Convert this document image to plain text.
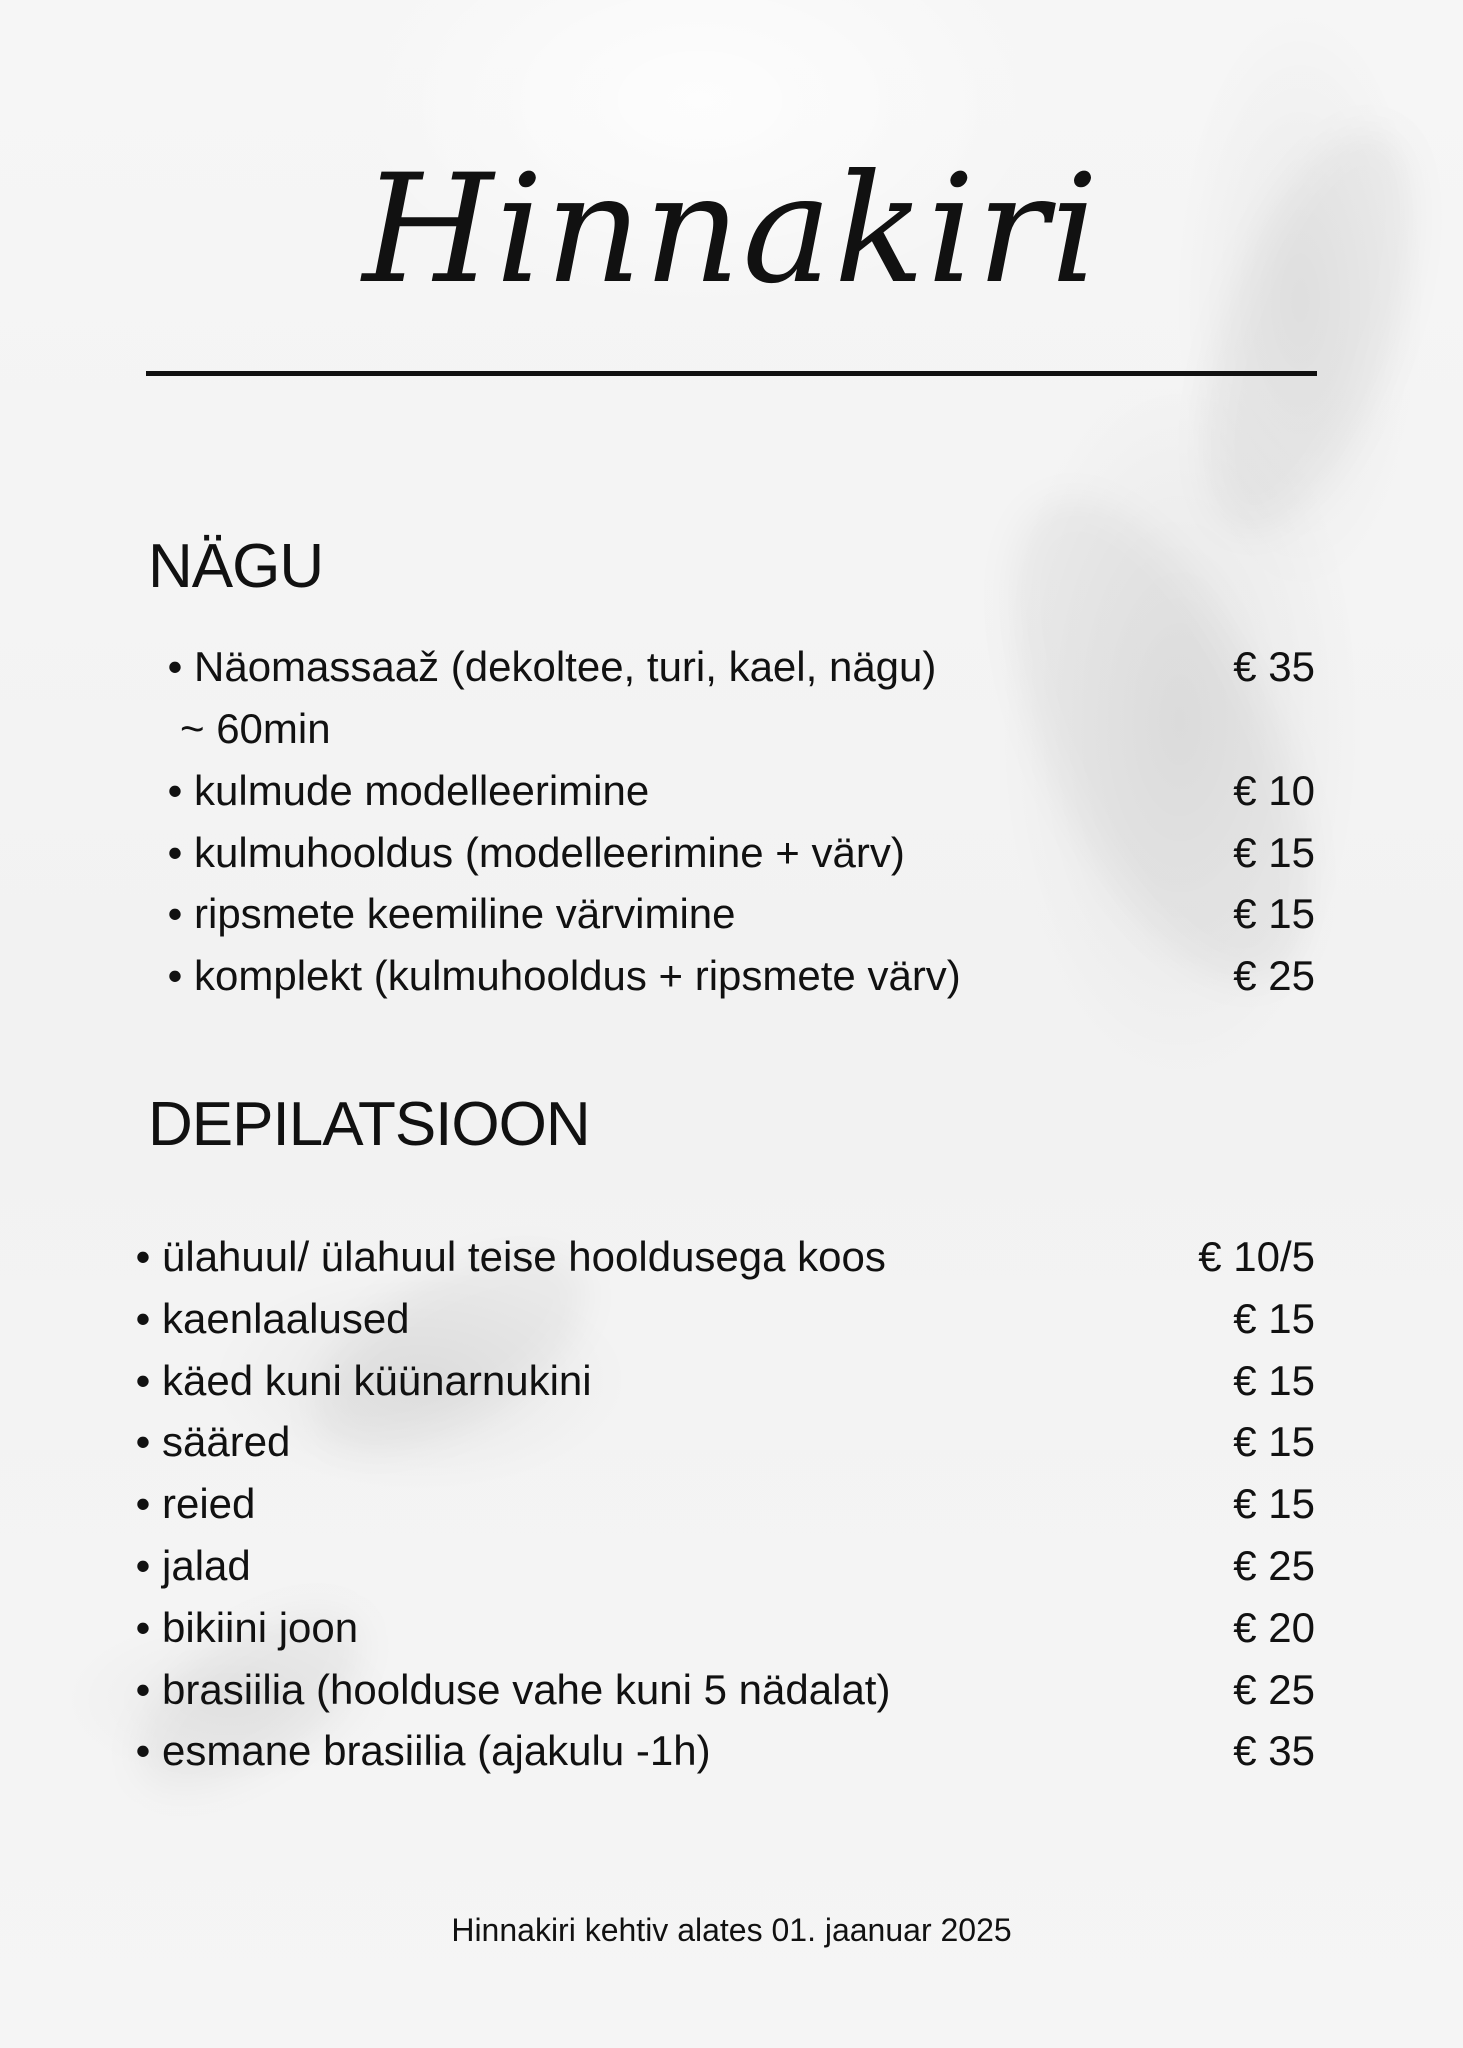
Hinnakiri
NÄGU
• Näomassaaž (dekoltee, turi, kael, nägu)	€ 35
~ 60min
• kulmude modelleerimine	€ 10
• kulmuhooldus (modelleerimine + värv)	€ 15
• ripsmete keemiline värvimine	€ 15
• komplekt (kulmuhooldus + ripsmete värv)	€ 25
DEPILATSIOON
• ülahuul/ ülahuul teise hooldusega koos	€ 10/5
• kaenlaalused	€ 15
• käed kuni küünarnukini	€ 15
• sääred	€ 15
• reied	€ 15
• jalad	€ 25
• bikiini joon	€ 20
• brasiilia (hoolduse vahe kuni 5 nädalat)	€ 25
• esmane brasiilia (ajakulu -1h)	€ 35
Hinnakiri kehtiv alates 01. jaanuar 2025
